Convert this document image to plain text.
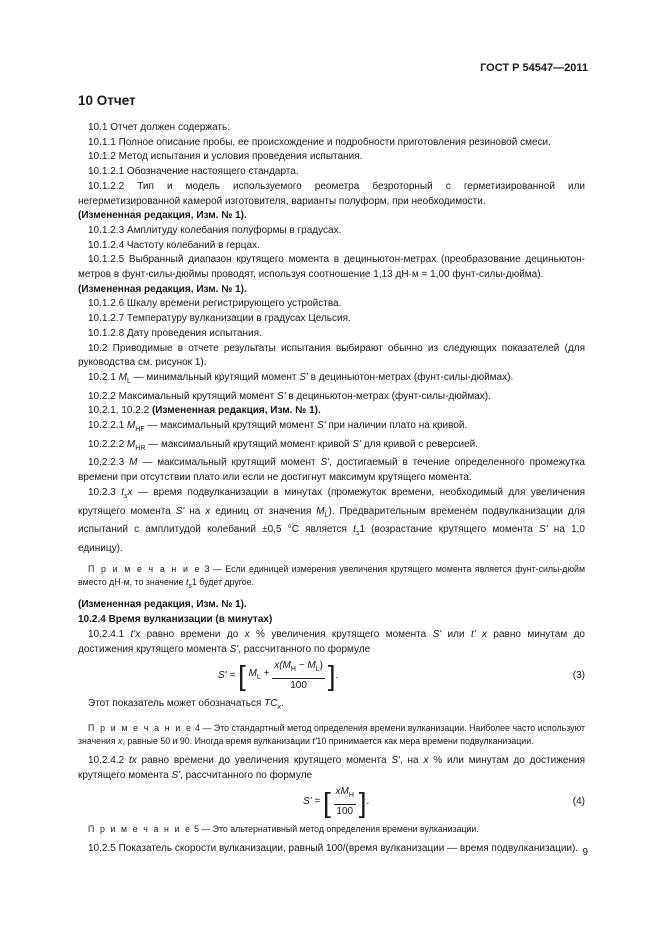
ГОСТ Р 54547—2011
10 Отчет

10.1 Отчет должен содержать:

10.1.1 Полное описание пробы, ее происхождение и подробности приготовления резиновой смеси.

10.1.2 Метод испытания и условия проведения испытания.

10.1.2.1 Обозначение настоящего стандарта.

10.1.2.2 Тип и модель используемого реометра безроторный с герметизированной или негерметизированной камерой изготовителя, варианты полуформ, при необходимости.

(Измененная редакция, Изм. № 1).

10.1.2.3 Амплитуду колебания полуформы в градусах.

10.1.2.4 Частоту колебаний в герцах.

10.1.2.5 Выбранный диапазон крутящего момента в дециньютон-метрах (преобразование дециньютон-метров в фунт-силы-дюймы проводят, используя соотношение 1,13 дН·м = 1,00 фунт-силы-дюйма).

(Измененная редакция, Изм. № 1).

10.1.2.6 Шкалу времени регистрирующего устройства.

10.1.2.7 Температуру вулканизации в градусах Цельсия.

10.1.2.8 Дату проведения испытания.

10.2 Приводимые в отчете результаты испытания выбирают обычно из следующих показателей (для руководства см. рисунок 1).

10.2.1 $M_L$ — минимальный крутящий момент S' в дециньютон-метрах (фунт-силы-дюймах).

10.2.2 Максимальный крутящий момент S' в дециньютон-метрах (фунт-силы-дюймах).

10.2.1, 10.2.2 (Измененная редакция, Изм. № 1).

10.2.2.1 $M_{HF}$ — максимальный крутящий момент S' при наличии плато на кривой.

10.2.2.2 $M_{HR}$ — максимальный крутящий момент кривой S' для кривой с реверсией.

10.2.2.3 M — максимальный крутящий момент S', достигаемый в течение определенного промежутка времени при отсутствии плато или если не достигнут максимум крутящего момента.

10.2.3 $t_sx$ — время подвулканизации в минутах (промежуток времени, необходимый для увеличения крутящего момента S' на x единиц от значения $M_L$). Предварительным временем подвулканизации для испытаний с амплитудой колебаний ±0,5 °С является $t_s1$ (возрастание крутящего момента S' на 1,0 единицу).

П р и м е ч а н и е 3 — Если единицей измерения увеличения крутящего момента является фунт-силы-дюйм вместо дН·м, то значение $t_s1$ будет другое.

(Измененная редакция, Изм. № 1).

10.2.4 Время вулканизации (в минутах)

10.2.4.1 t'x равно времени до x % увеличения крутящего момента S' или t' x равно минутам до достижения крутящего момента S', рассчитанного по формуле

S' = [ $M_L + \frac{x(M_H - M_L)}{100}$ ].	(3)

Этот показатель может обозначаться $TC_x$.

П р и м е ч а н и е 4 — Это стандартный метод определения времени вулканизации. Наиболее часто используют значения x, равные 50 и 90. Иногда время вулканизации t'10 принимается как мера времени подвулканизации.

10.2.4.2 tx равно времени до увеличения крутящего момента S', на x % или минутам до достижения крутящего момента S', рассчитанного по формуле

S' = [ $\frac{xM_H}{100}$ ].	(4)

П р и м е ч а н и е 5 — Это альтернативный метод определения времени вулканизации.

10.2.5 Показатель скорости вулканизации, равный 100/(время вулканизации — время подвулканизации). 9
